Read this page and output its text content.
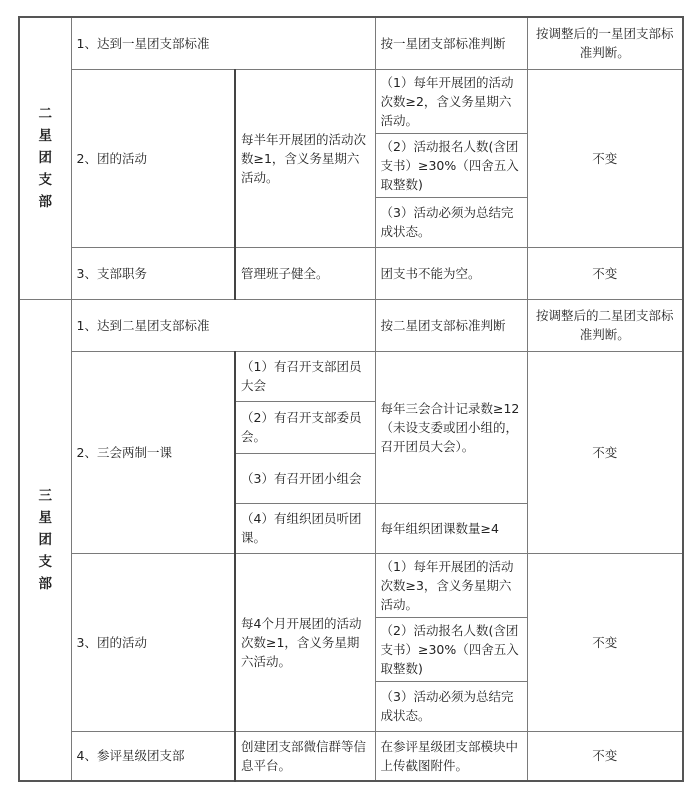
二星团支部	1、达到一星团支部标准		按一星团支部标准判断	按调整后的一星团支部标准判断。
	2、团的活动	每半年开展团的活动次数≥1，含义务星期六活动。	（1）每年开展团的活动次数≥2，含义务星期六活动。	不变
			（2）活动报名人数(含团支书）≥30%（四舍五入取整数)	
			（3）活动必须为总结完成状态。	
	3、支部职务	管理班子健全。	团支书不能为空。	不变
三星团支部	1、达到二星团支部标准		按二星团支部标准判断	按调整后的二星团支部标准判断。
	2、三会两制一课	（1）有召开支部团员大会	每年三会合计记录数≥12（未设支委或团小组的，召开团员大会）。	不变
		（2）有召开支部委员会。		
		（3）有召开团小组会		
		（4）有组织团员听团课。	每年组织团课数量≥4	
	3、团的活动	每4个月开展团的活动次数≥1，含义务星期六活动。	（1）每年开展团的活动次数≥3，含义务星期六活动。	不变
			（2）活动报名人数(含团支书）≥30%（四舍五入取整数)	
			（3）活动必须为总结完成状态。	
	4、参评星级团支部	创建团支部微信群等信息平台。	在参评星级团支部模块中上传截图附件。	不变
